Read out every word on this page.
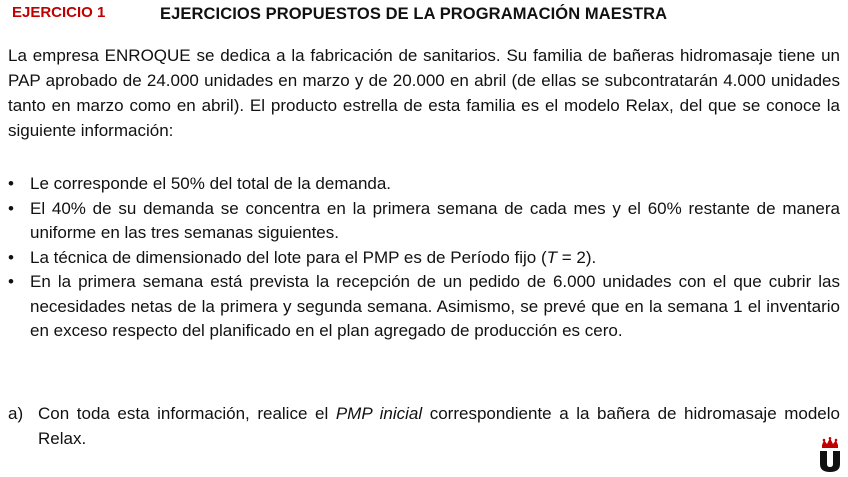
EJERCICIO 1	EJERCICIOS PROPUESTOS DE LA PROGRAMACIÓN MAESTRA

La empresa ENROQUE se dedica a la fabricación de sanitarios. Su familia de bañeras hidromasaje tiene un PAP aprobado de 24.000 unidades en marzo y de 20.000 en abril (de ellas se subcontratarán 4.000 unidades tanto en marzo como en abril). El producto estrella de esta familia es el modelo Relax, del que se conoce la siguiente información:

• Le corresponde el 50% del total de la demanda.
• El 40% de su demanda se concentra en la primera semana de cada mes y el 60% restante de manera uniforme en las tres semanas siguientes.
• La técnica de dimensionado del lote para el PMP es de Período fijo (T = 2).
• En la primera semana está prevista la recepción de un pedido de 6.000 unidades con el que cubrir las necesidades netas de la primera y segunda semana. Asimismo, se prevé que en la semana 1 el inventario en exceso respecto del planificado en el plan agregado de producción es cero.
a) Con toda esta información, realice el PMP inicial correspondiente a la bañera de hidromasaje modelo Relax.
